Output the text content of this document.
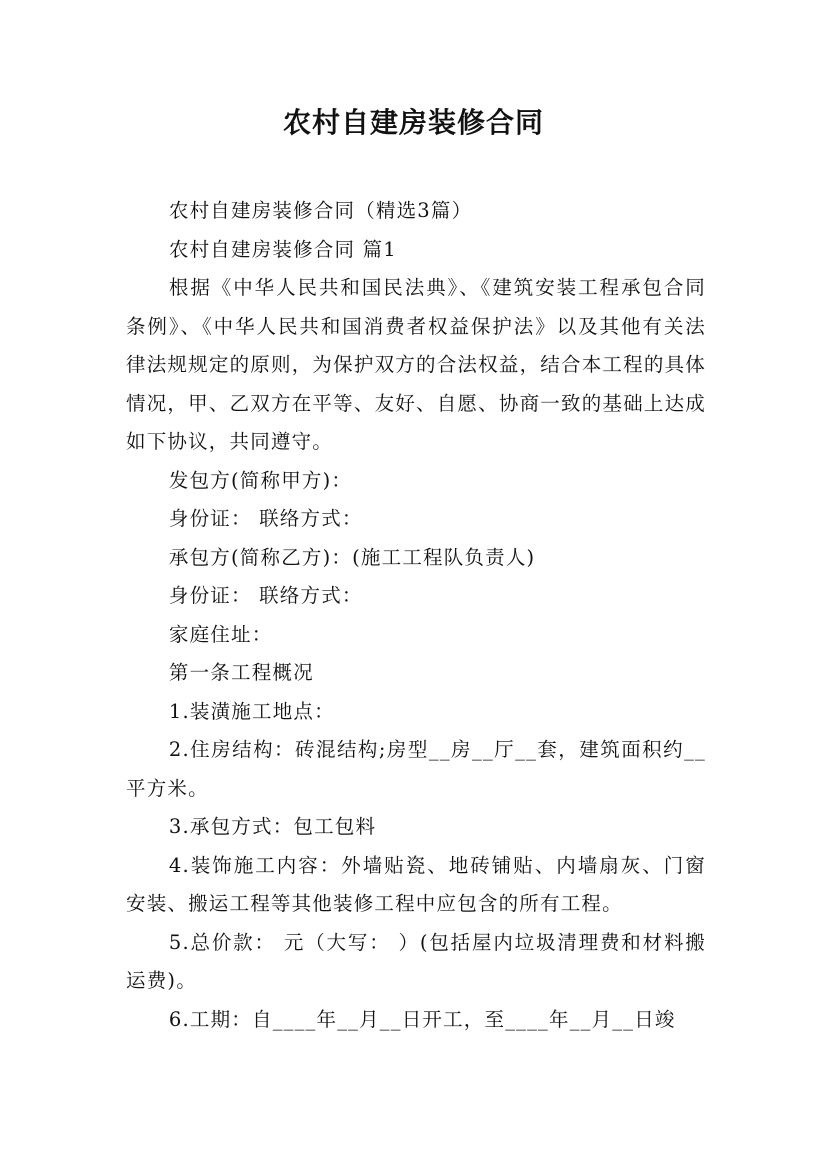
农村自建房装修合同

农村自建房装修合同（精选3篇）

农村自建房装修合同 篇1

根据《中华人民共和国民法典》、《建筑安装工程承包合同条例》、《中华人民共和国消费者权益保护法》以及其他有关法律法规规定的原则，为保护双方的合法权益，结合本工程的具体情况，甲、乙双方在平等、友好、自愿、协商一致的基础上达成如下协议，共同遵守。

发包方(简称甲方)：

身份证： 联络方式：

承包方(简称乙方)：(施工工程队负责人)

身份证： 联络方式：

家庭住址：

第一条工程概况

1.装潢施工地点：

2.住房结构：砖混结构;房型__房__厅__套，建筑面积约__平方米。

3.承包方式：包工包料

4.装饰施工内容：外墙贴瓷、地砖铺贴、内墙扇灰、门窗安装、搬运工程等其他装修工程中应包含的所有工程。

5.总价款： 元（大写： ）(包括屋内垃圾清理费和材料搬运费)。

6.工期：自____年__月__日开工，至____年__月__日竣
